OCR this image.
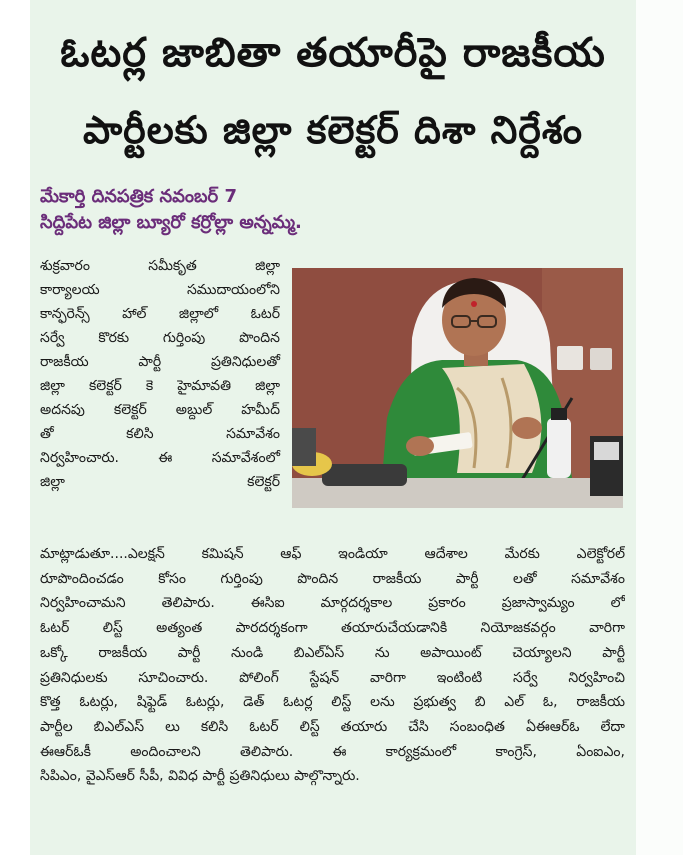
ఓటర్ల జాబితా తయారీపై రాజకీయ
పార్టీలకు జిల్లా కలెక్టర్ దిశా నిర్దేశం
మేకార్తి దినపత్రిక నవంబర్ 7
సిద్దిపేట జిల్లా బ్యూరో కర్రోల్లా అన్నమ్మ.
శుక్రవారం సమీకృత జిల్లా
కార్యాలయ సముదాయంలోని
కాన్ఫరెన్స్ హాల్ జిల్లాలో ఓటర్
సర్వే కొరకు గుర్తింపు పొందిన
రాజకీయ పార్టీ ప్రతినిధులతో
జిల్లా కలెక్టర్ కె హైమావతి జిల్లా
అదనపు కలెక్టర్ అబ్దుల్ హమీద్
తో కలిసి సమావేశం
నిర్వహించారు. ఈ సమావేశంలో
జిల్లా కలెక్టర్
మాట్లాడుతూ....ఎలక్షన్ కమిషన్ ఆఫ్ ఇండియా ఆదేశాల మేరకు ఎలెక్టోరల్
రూపొందించడం కోసం గుర్తింపు పొందిన రాజకీయ పార్టీ లతో సమావేశం
నిర్వహించామని తెలిపారు. ఈసిఐ మార్గదర్శకాల ప్రకారం ప్రజాస్వామ్యం లో
ఓటర్ లిస్ట్ అత్యంత పారదర్శకంగా తయారుచేయడానికి నియోజకవర్గం వారిగా
ఒక్కో రాజకీయ పార్టీ నుండి బిఎల్ఏస్ ను అపాయింట్ చెయ్యాలని పార్టీ
ప్రతినిధులకు సూచించారు. పోలింగ్ స్టేషన్ వారిగా ఇంటింటి సర్వే నిర్వహించి
కొత్త ఓటర్లు, షిఫ్టెడ్ ఓటర్లు, డెత్ ఓటర్ల లిస్ట్ లను ప్రభుత్వ బి ఎల్ ఓ, రాజకీయ
పార్టీల బిఎల్ఎస్ లు కలిసి ఓటర్ లిస్ట్ తయారు చేసి సంబంధిత ఏఈఆర్ఓ లేదా
ఈఆర్ఓకీ అందించాలని తెలిపారు. ఈ కార్యక్రమంలో కాంగ్రెస్, ఏంఐఎం,
సిపిఎం, వైఎస్ఆర్ సీపీ, వివిధ పార్టీ ప్రతినిధులు పాల్గొన్నారు.
